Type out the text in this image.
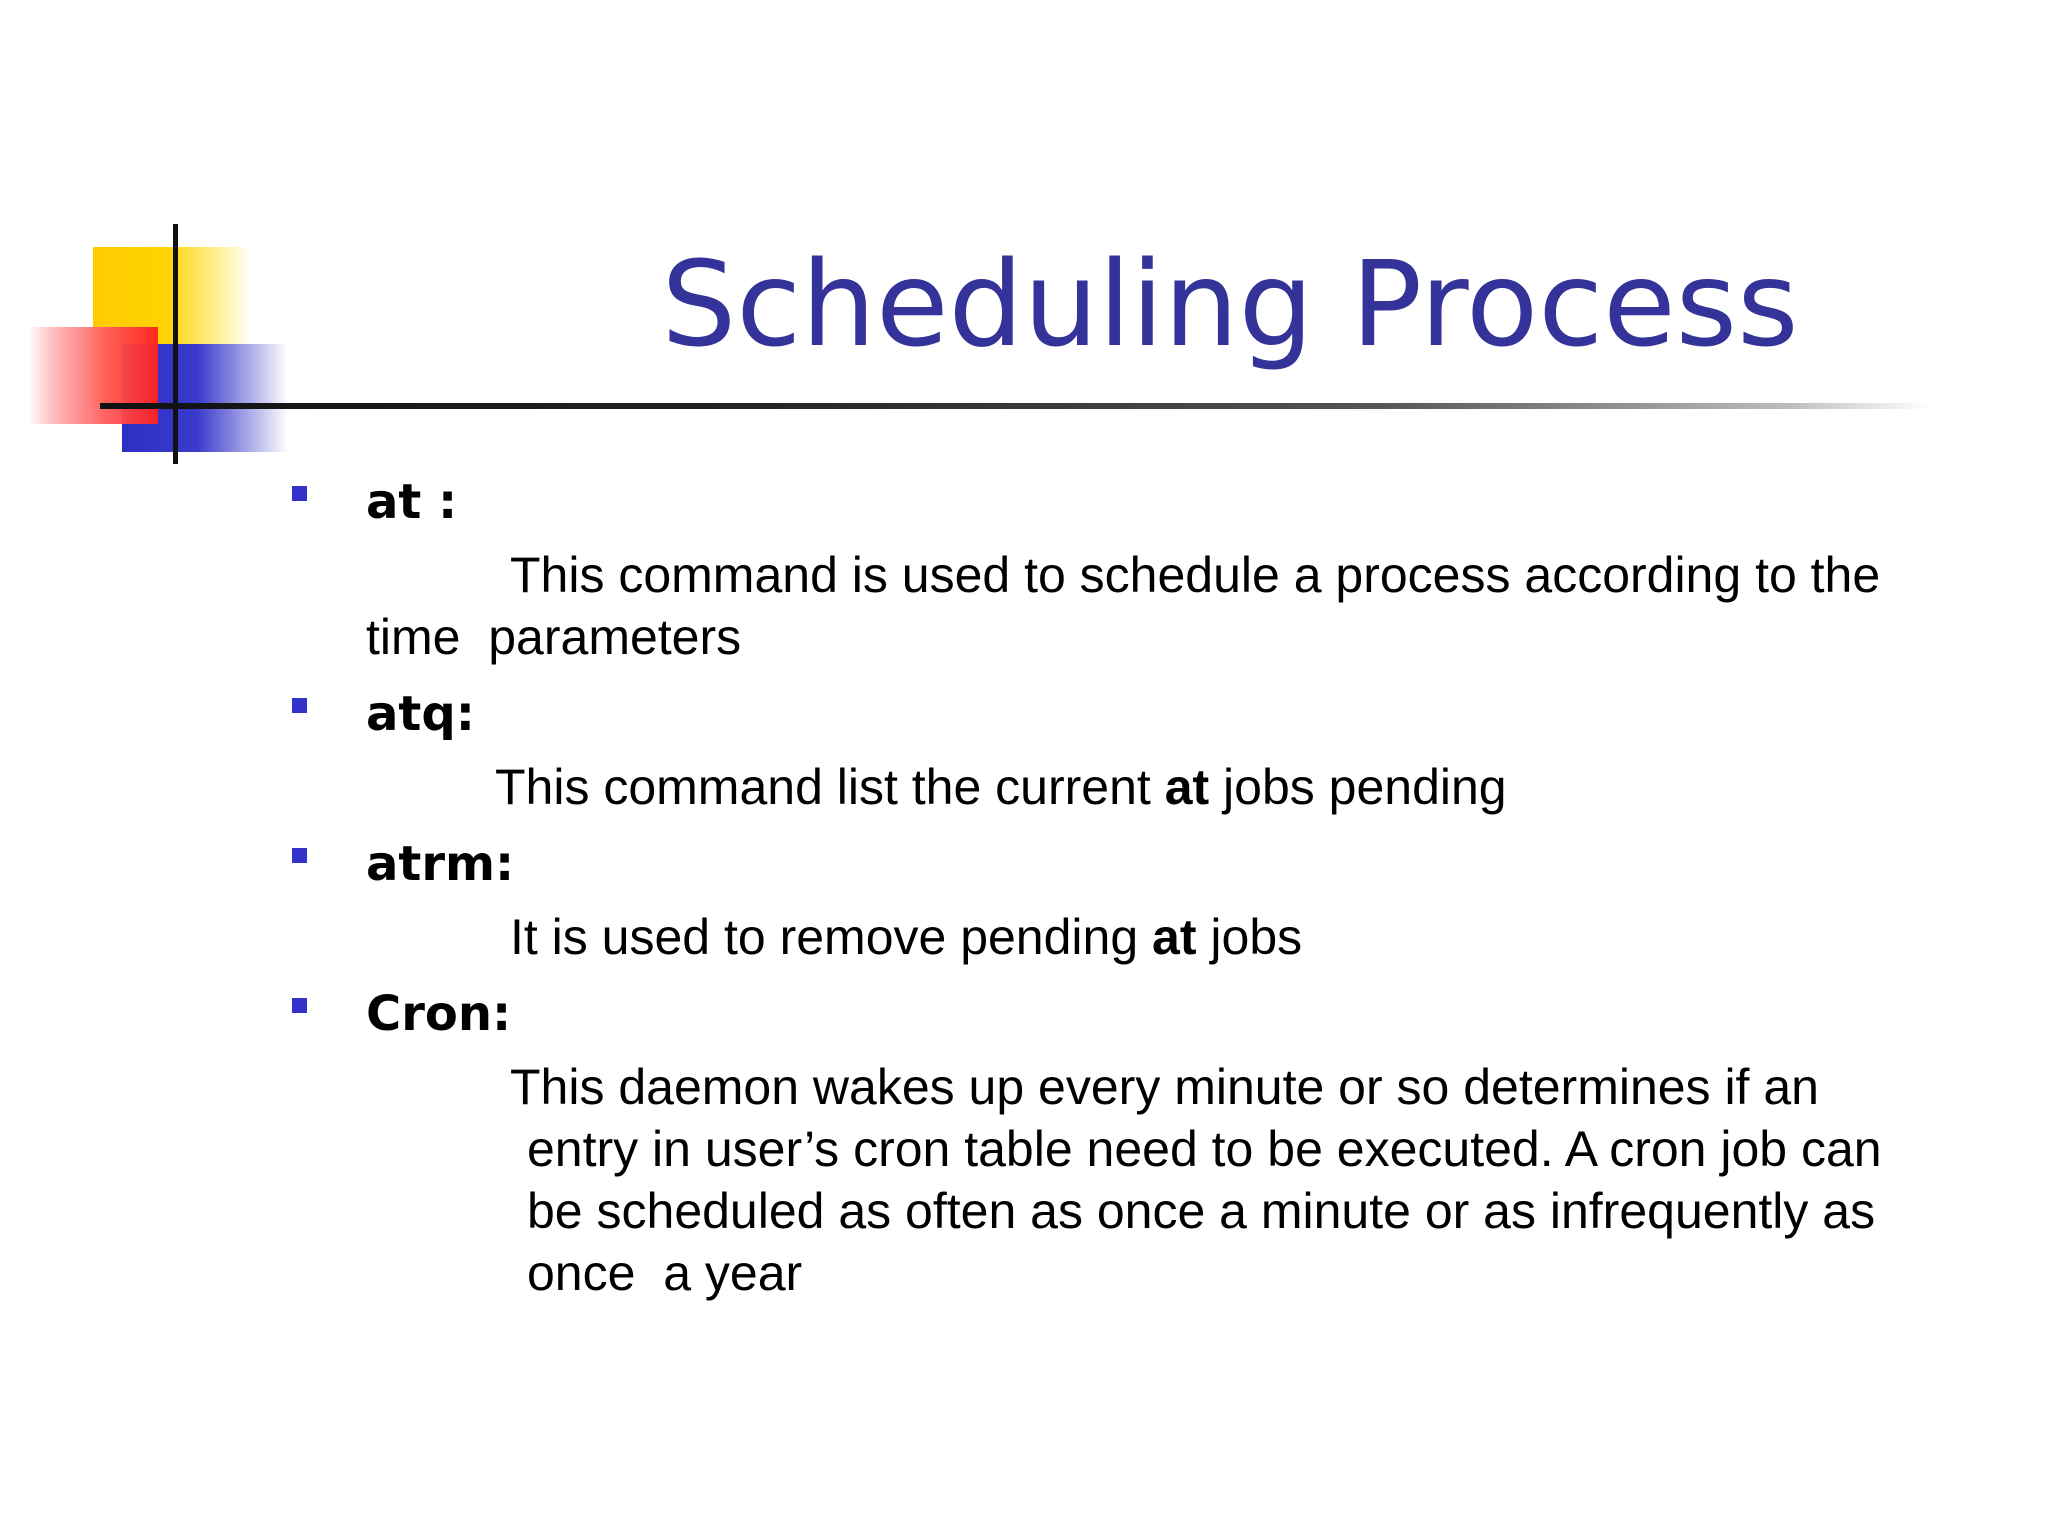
Scheduling Process
at :
This command is used to schedule a process according to the
time  parameters
atq:
This command list the current at jobs pending
atrm:
It is used to remove pending at jobs
Cron:
This daemon wakes up every minute or so determines if an
entry in user’s cron table need to be executed. A cron job can
be scheduled as often as once a minute or as infrequently as
once  a year
